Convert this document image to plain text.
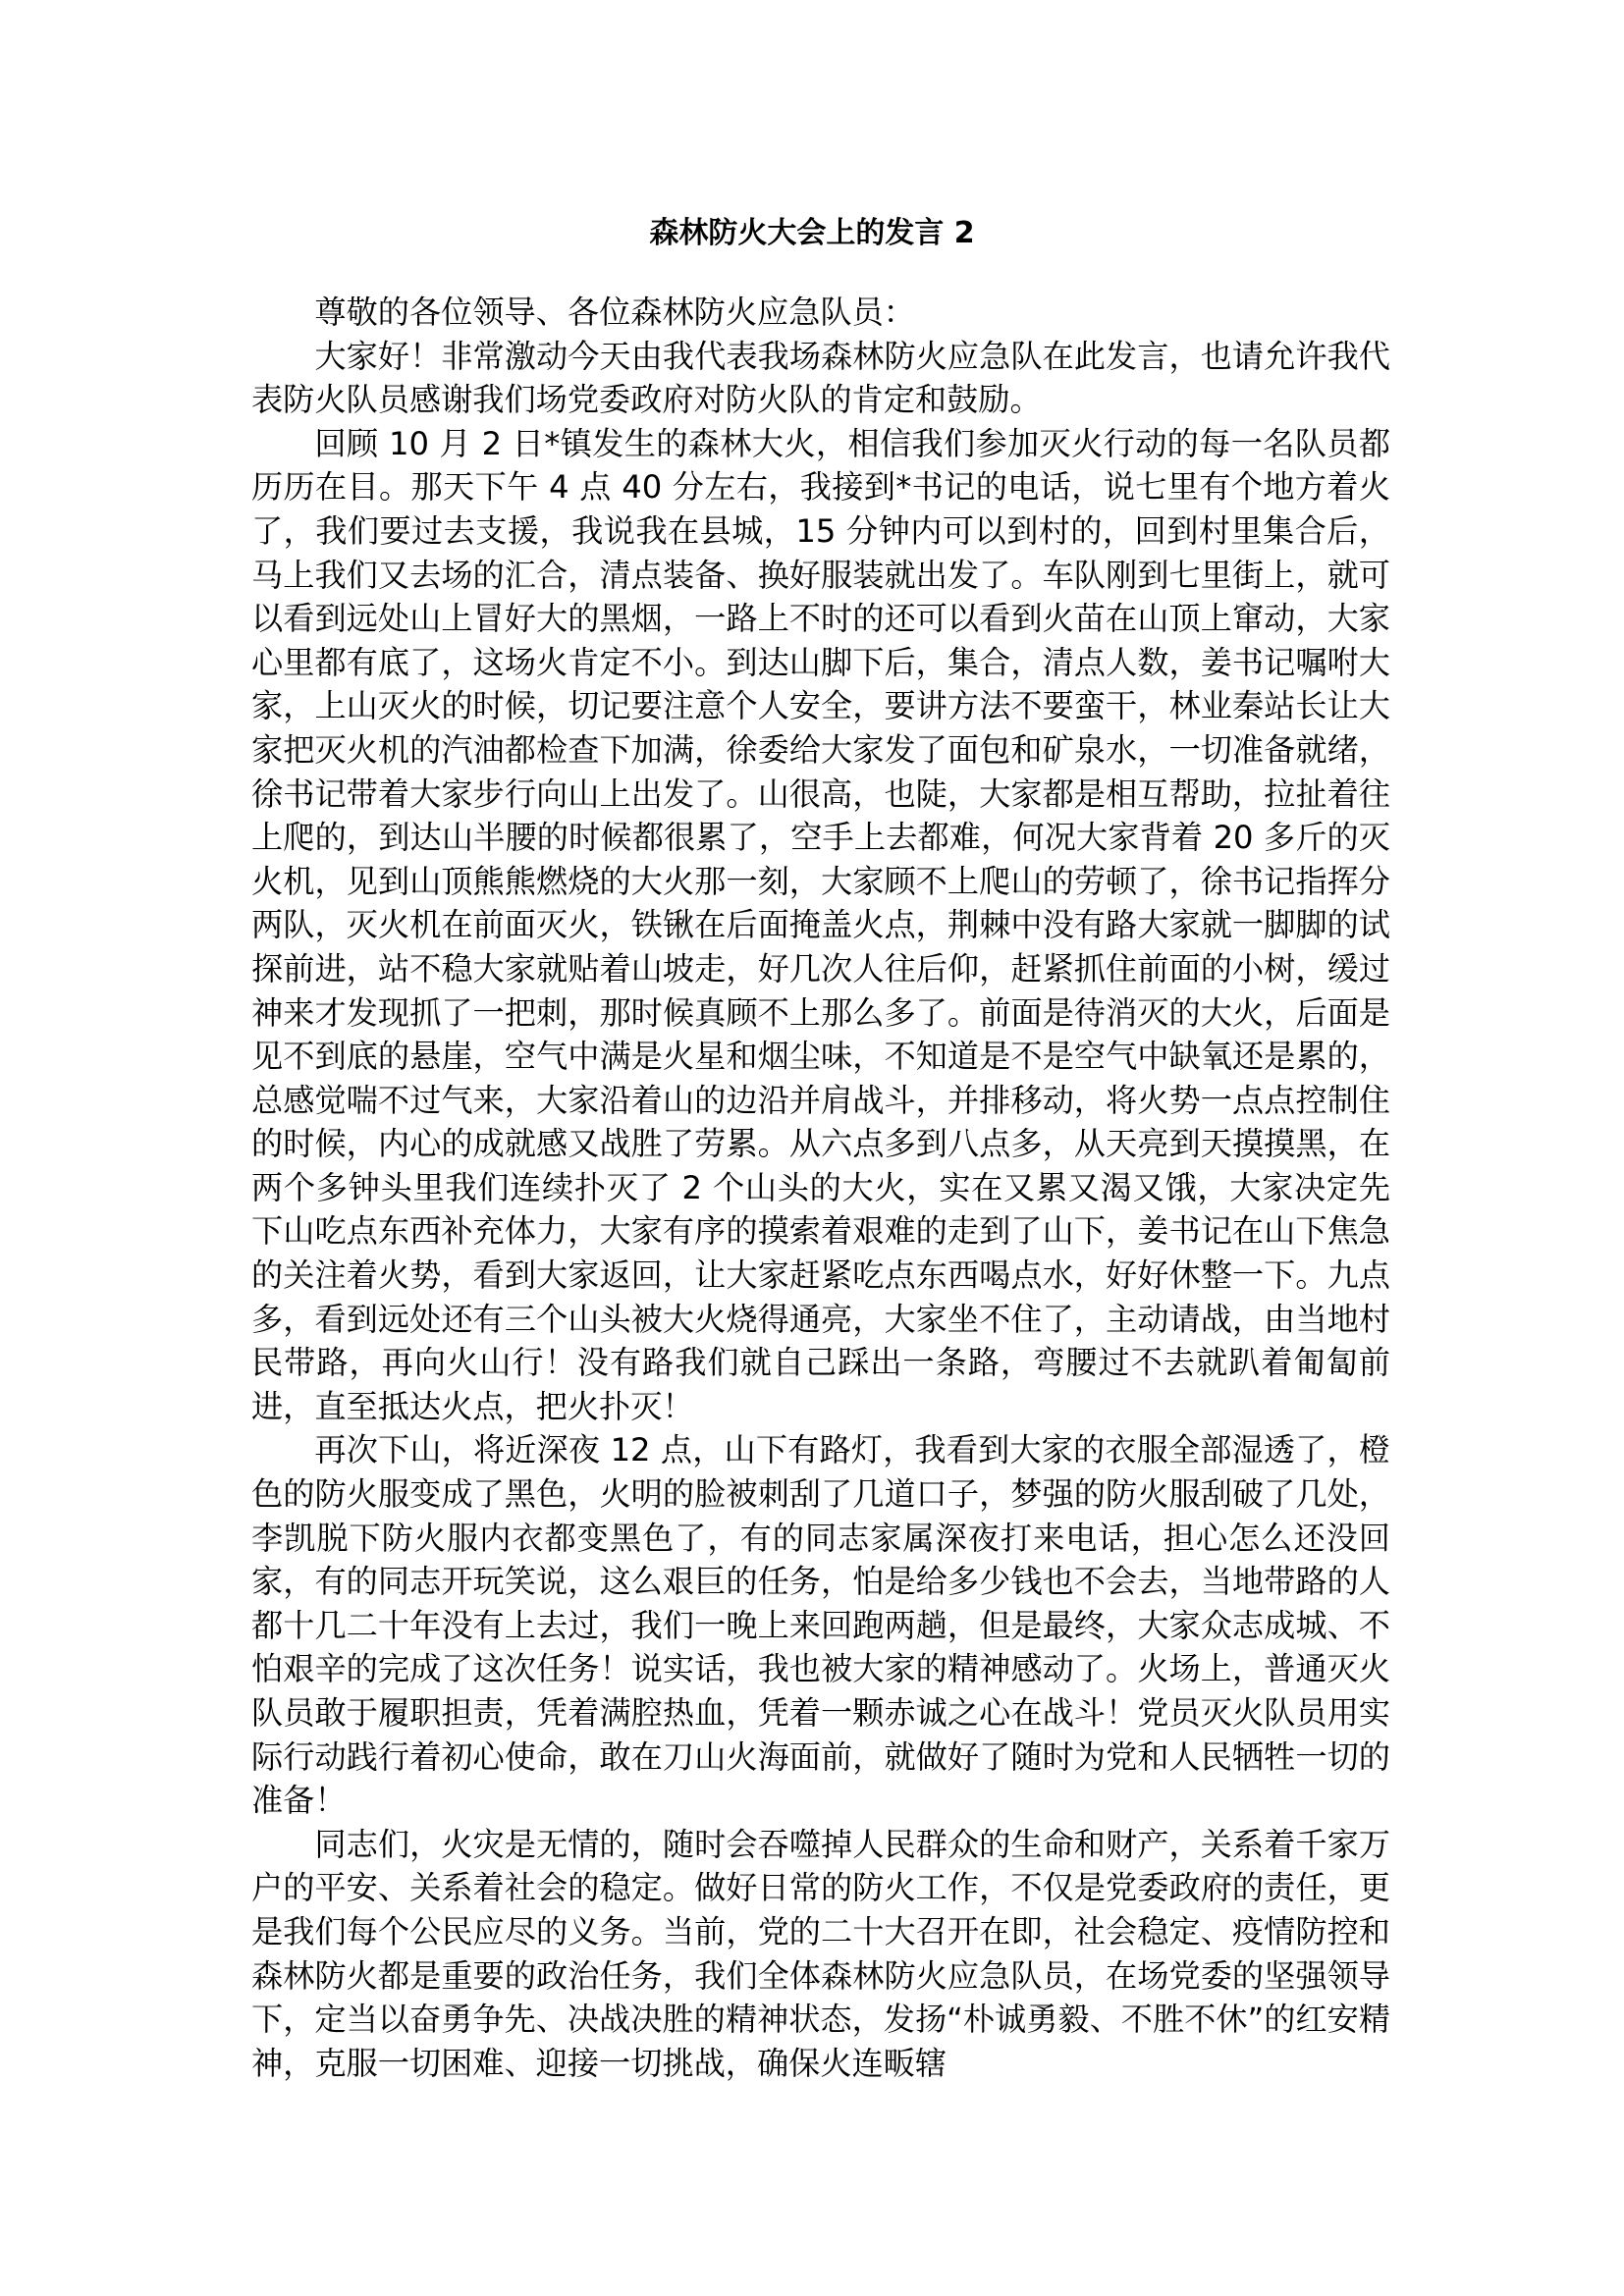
森林防火大会上的发言 2

尊敬的各位领导、各位森林防火应急队员：

大家好！非常激动今天由我代表我场森林防火应急队在此发言，也请允许我代表防火队员感谢我们场党委政府对防火队的肯定和鼓励。

回顾 10 月 2 日*镇发生的森林大火，相信我们参加灭火行动的每一名队员都历历在目。那天下午 4 点 40 分左右，我接到*书记的电话，说七里有个地方着火了，我们要过去支援，我说我在县城，15 分钟内可以到村的，回到村里集合后，马上我们又去场的汇合，清点装备、换好服装就出发了。车队刚到七里街上，就可以看到远处山上冒好大的黑烟，一路上不时的还可以看到火苗在山顶上窜动，大家心里都有底了，这场火肯定不小。到达山脚下后，集合，清点人数，姜书记嘱咐大家，上山灭火的时候，切记要注意个人安全，要讲方法不要蛮干，林业秦站长让大家把灭火机的汽油都检查下加满，徐委给大家发了面包和矿泉水，一切准备就绪，徐书记带着大家步行向山上出发了。山很高，也陡，大家都是相互帮助，拉扯着往上爬的，到达山半腰的时候都很累了，空手上去都难，何况大家背着 20 多斤的灭火机，见到山顶熊熊燃烧的大火那一刻，大家顾不上爬山的劳顿了，徐书记指挥分两队，灭火机在前面灭火，铁锹在后面掩盖火点，荆棘中没有路大家就一脚脚的试探前进，站不稳大家就贴着山坡走，好几次人往后仰，赶紧抓住前面的小树，缓过神来才发现抓了一把刺，那时候真顾不上那么多了。前面是待消灭的大火，后面是见不到底的悬崖，空气中满是火星和烟尘味，不知道是不是空气中缺氧还是累的，总感觉喘不过气来，大家沿着山的边沿并肩战斗，并排移动，将火势一点点控制住的时候，内心的成就感又战胜了劳累。从六点多到八点多，从天亮到天摸摸黑，在两个多钟头里我们连续扑灭了 2 个山头的大火，实在又累又渴又饿，大家决定先下山吃点东西补充体力，大家有序的摸索着艰难的走到了山下，姜书记在山下焦急的关注着火势，看到大家返回，让大家赶紧吃点东西喝点水，好好休整一下。九点多，看到远处还有三个山头被大火烧得通亮，大家坐不住了，主动请战，由当地村民带路，再向火山行！没有路我们就自己踩出一条路，弯腰过不去就趴着匍匐前进，直至抵达火点，把火扑灭！

再次下山，将近深夜 12 点，山下有路灯，我看到大家的衣服全部湿透了，橙色的防火服变成了黑色，火明的脸被刺刮了几道口子，梦强的防火服刮破了几处，李凯脱下防火服内衣都变黑色了，有的同志家属深夜打来电话，担心怎么还没回家，有的同志开玩笑说，这么艰巨的任务，怕是给多少钱也不会去，当地带路的人都十几二十年没有上去过，我们一晚上来回跑两趟，但是最终，大家众志成城、不怕艰辛的完成了这次任务！说实话，我也被大家的精神感动了。火场上，普通灭火队员敢于履职担责，凭着满腔热血，凭着一颗赤诚之心在战斗！党员灭火队员用实际行动践行着初心使命，敢在刀山火海面前，就做好了随时为党和人民牺牲一切的准备！

同志们，火灾是无情的，随时会吞噬掉人民群众的生命和财产，关系着千家万户的平安、关系着社会的稳定。做好日常的防火工作，不仅是党委政府的责任，更是我们每个公民应尽的义务。当前，党的二十大召开在即，社会稳定、疫情防控和森林防火都是重要的政治任务，我们全体森林防火应急队员，在场党委的坚强领导下，定当以奋勇争先、决战决胜的精神状态，发扬“朴诚勇毅、不胜不休”的红安精神，克服一切困难、迎接一切挑战，确保火连畈辖
